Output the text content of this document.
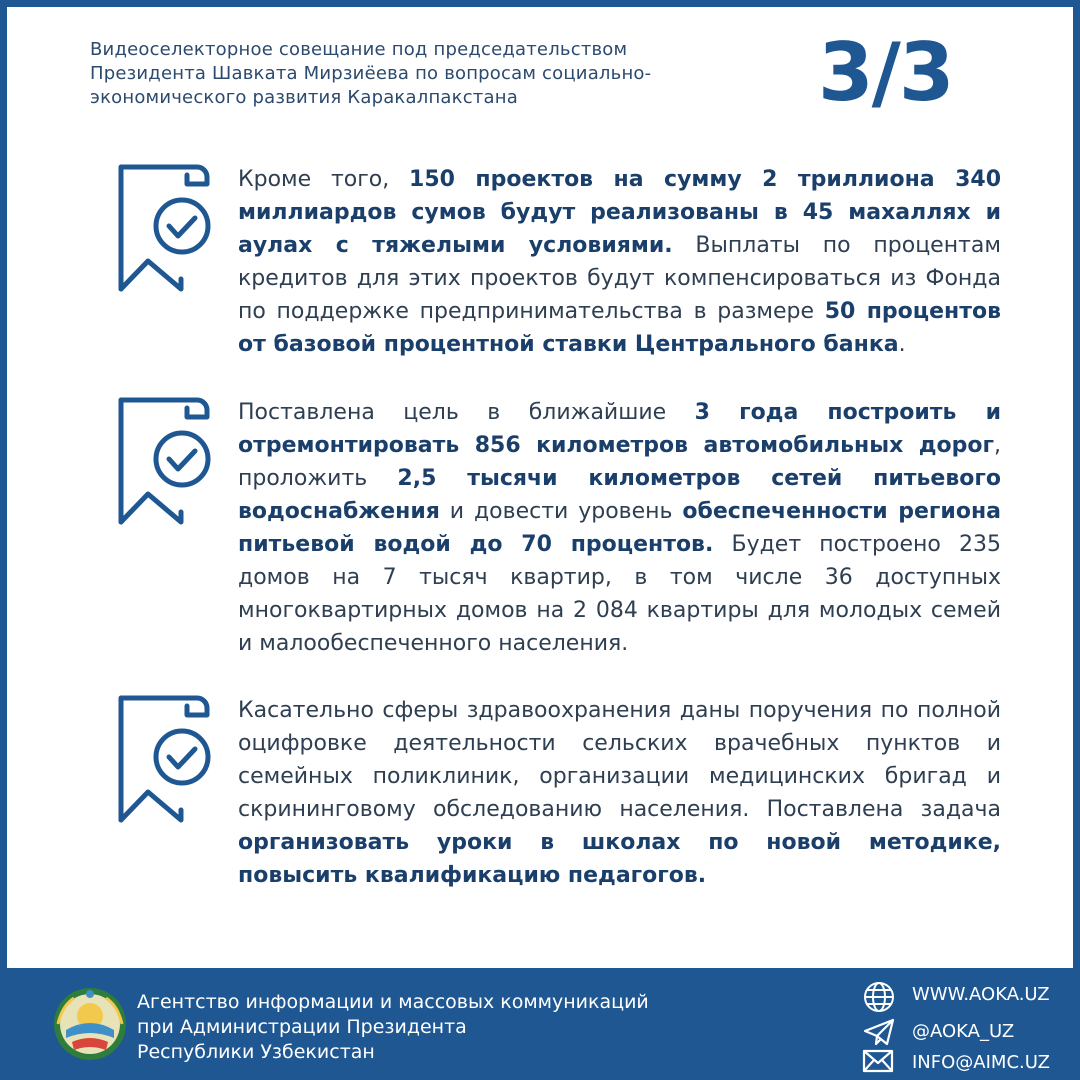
Видеоселекторное совещание под председательством
Президента Шавката Мирзиёева по вопросам социально-
экономического развития Каракалпакстана	3/3
Кроме того, 150 проектов на сумму 2 триллиона 340 миллиардов сумов будут реализованы в 45 махаллях и аулах с тяжелыми условиями. Выплаты по процентам кредитов для этих проектов будут компенсироваться из Фонда по поддержке предпринимательства в размере 50 процентов от базовой процентной ставки Центрального банка.
Поставлена цель в ближайшие 3 года построить и отремонтировать 856 километров автомобильных дорог, проложить 2,5 тысячи километров сетей питьевого водоснабжения и довести уровень обеспеченности региона питьевой водой до 70 процентов. Будет построено 235 домов на 7 тысяч квартир, в том числе 36 доступных многоквартирных домов на 2 084 квартиры для молодых семей и малообеспеченного населения.
Касательно сферы здравоохранения даны поручения по полной оцифровке деятельности сельских врачебных пунктов и семейных поликлиник, организации медицинских бригад и скрининговому обследованию населения. Поставлена задача организовать уроки в школах по новой методике, повысить квалификацию педагогов.
Агентство информации и массовых коммуникаций
при Администрации Президента
Республики Узбекистан
WWW.AOKA.UZ
@AOKA_UZ
INFO@AIMC.UZ
